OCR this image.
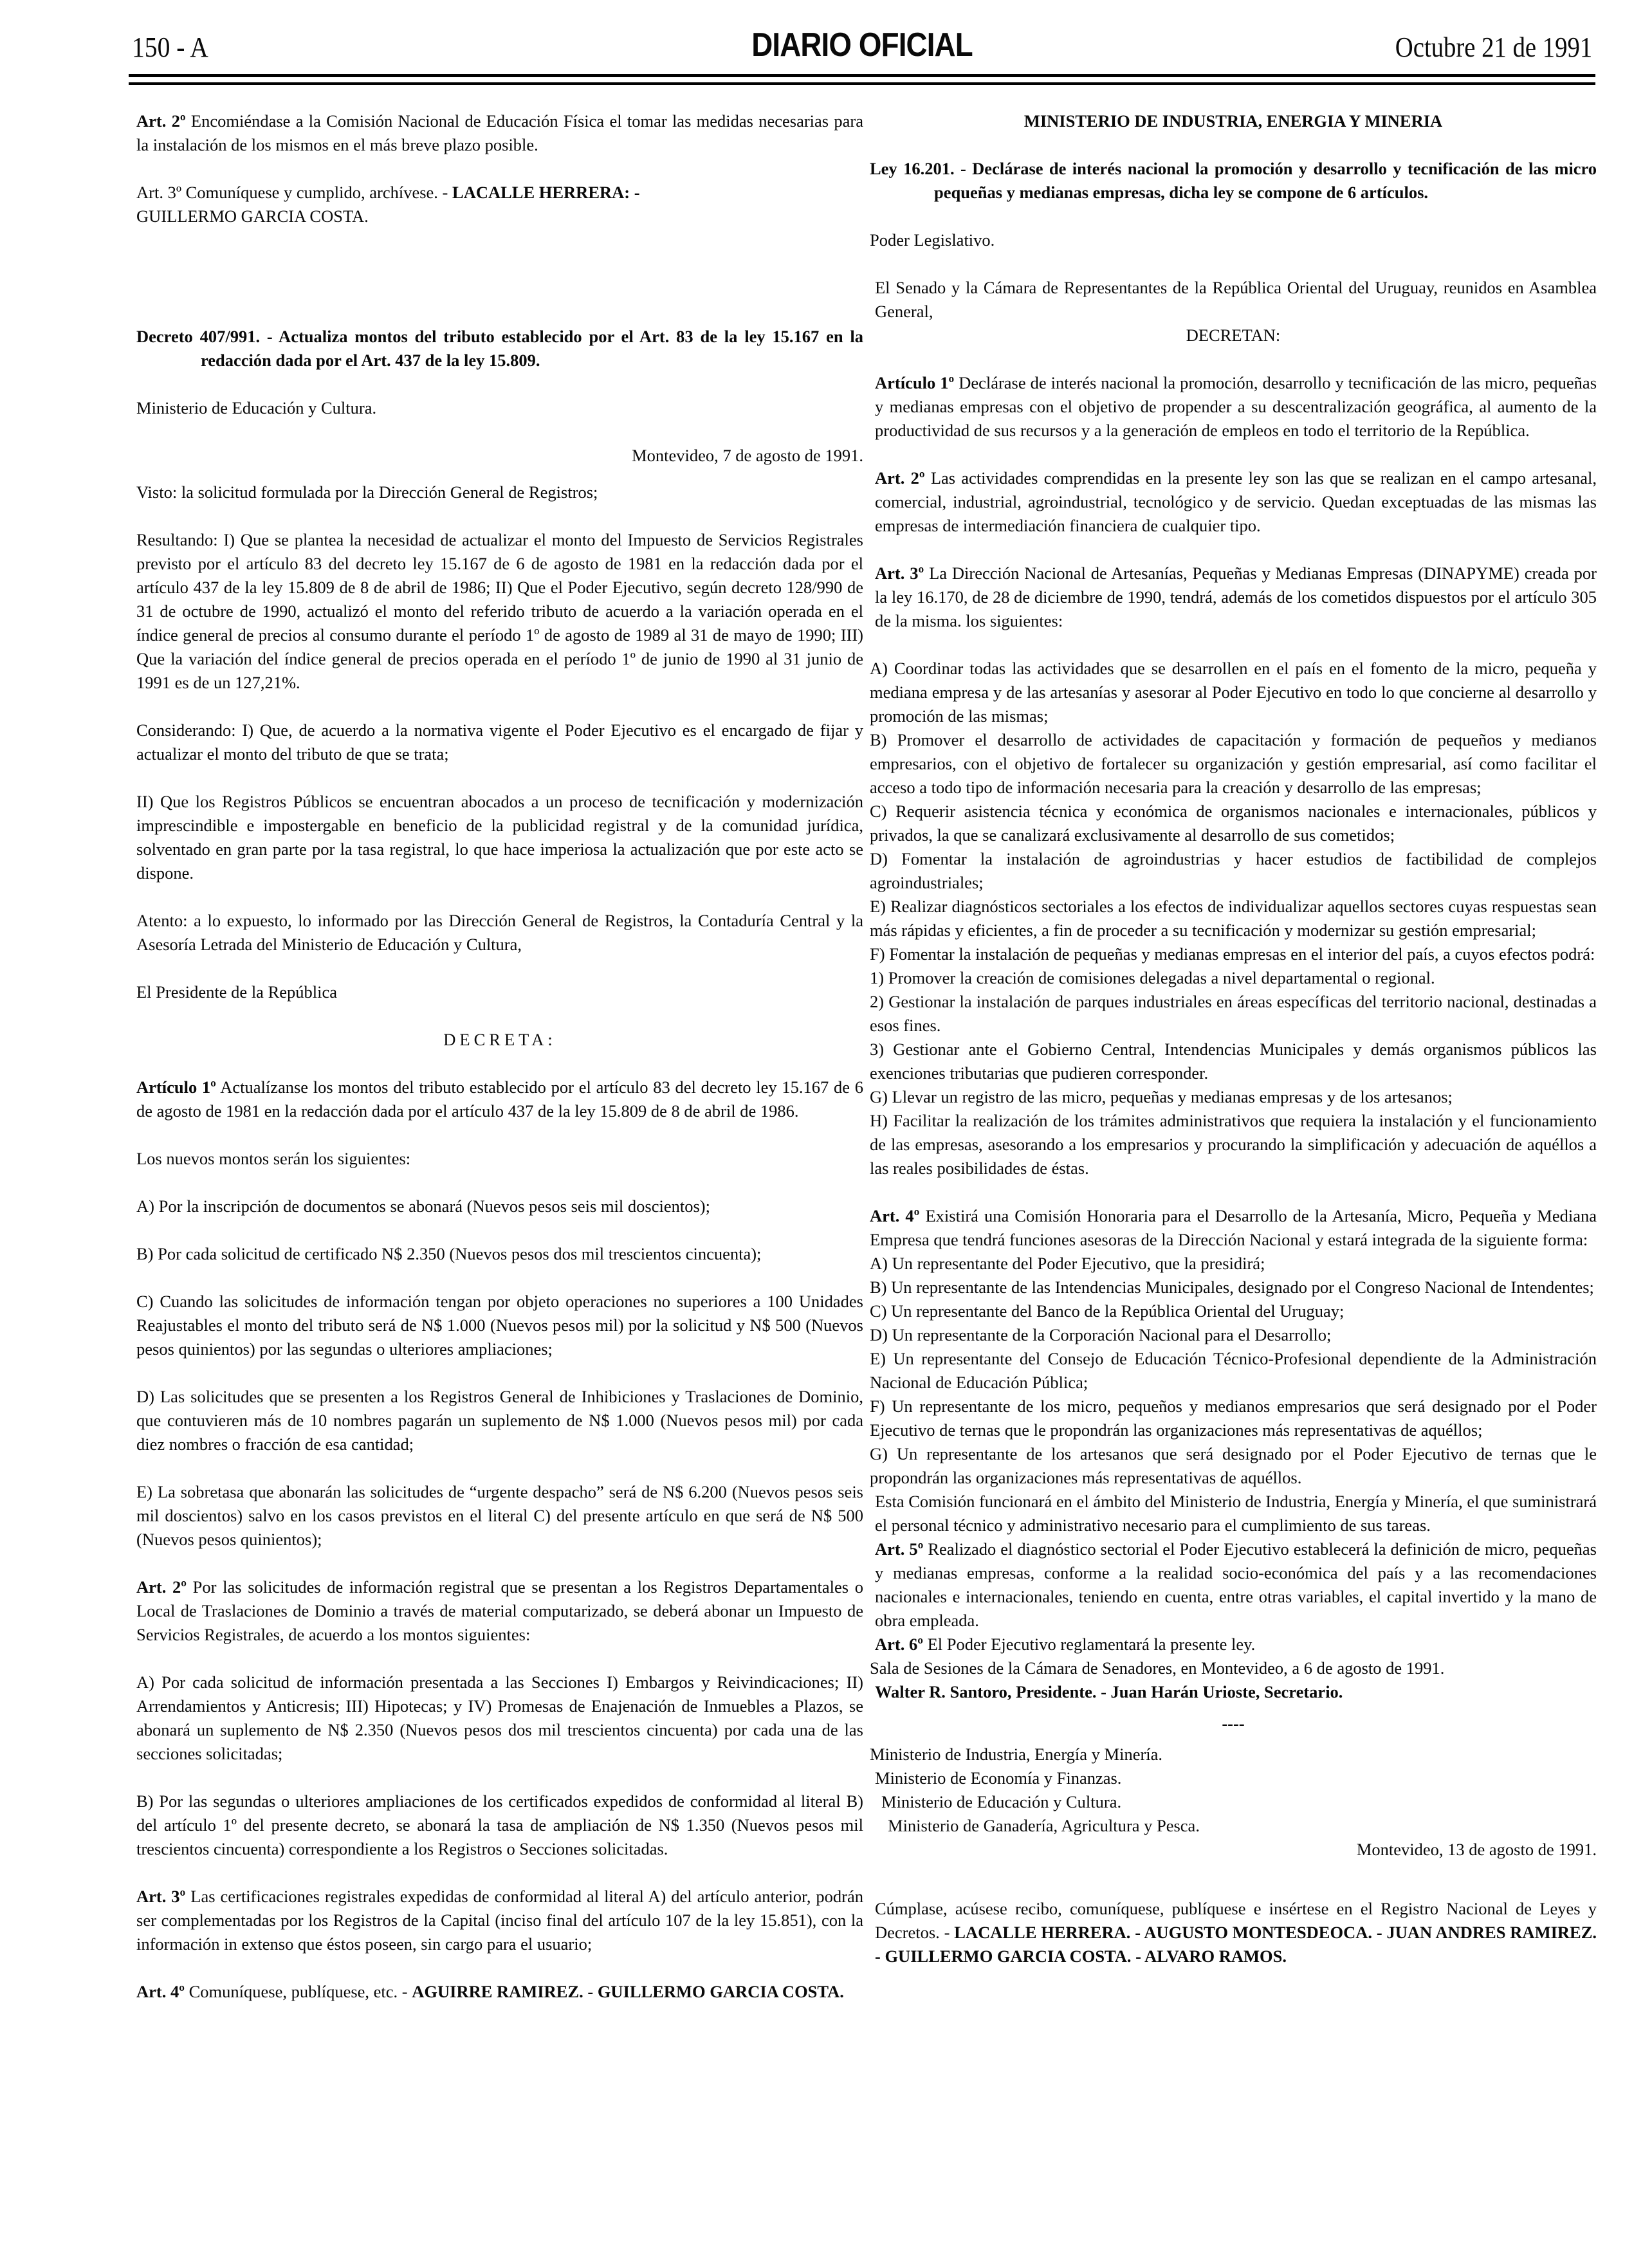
150 - A	DIARIO OFICIAL	Octubre 21 de 1991

Art. 2º Encomiéndase a la Comisión Nacional de Educación Física el tomar las medidas necesarias para la instalación de los mismos en el más breve plazo posible.

Art. 3º Comuníquese y cumplido, archívese. - LACALLE HERRERA: -
GUILLERMO GARCIA COSTA.

Decreto 407/991. - Actualiza montos del tributo establecido por el Art. 83 de la ley 15.167 en la redacción dada por el Art. 437 de la ley 15.809.

Ministerio de Educación y Cultura.

Montevideo, 7 de agosto de 1991.

Visto: la solicitud formulada por la Dirección General de Registros;

Resultando: I) Que se plantea la necesidad de actualizar el monto del Impuesto de Servicios Registrales previsto por el artículo 83 del decreto ley 15.167 de 6 de agosto de 1981 en la redacción dada por el artículo 437 de la ley 15.809 de 8 de abril de 1986; II) Que el Poder Ejecutivo, según decreto 128/990 de 31 de octubre de 1990, actualizó el monto del referido tributo de acuerdo a la variación operada en el índice general de precios al consumo durante el período 1º de agosto de 1989 al 31 de mayo de 1990; III) Que la variación del índice general de precios operada en el período 1º de junio de 1990 al 31 junio de 1991 es de un 127,21%.

Considerando: I) Que, de acuerdo a la normativa vigente el Poder Ejecutivo es el encargado de fijar y actualizar el monto del tributo de que se trata;

II) Que los Registros Públicos se encuentran abocados a un proceso de tecnificación y modernización imprescindible e impostergable en beneficio de la publicidad registral y de la comunidad jurídica, solventado en gran parte por la tasa registral, lo que hace imperiosa la actualización que por este acto se dispone.

Atento: a lo expuesto, lo informado por las Dirección General de Registros, la Contaduría Central y la Asesoría Letrada del Ministerio de Educación y Cultura,

El Presidente de la República

DECRETA:

Artículo 1º Actualízanse los montos del tributo establecido por el artículo 83 del decreto ley 15.167 de 6 de agosto de 1981 en la redacción dada por el artículo 437 de la ley 15.809 de 8 de abril de 1986.

Los nuevos montos serán los siguientes:

A) Por la inscripción de documentos se abonará (Nuevos pesos seis mil doscientos);

B) Por cada solicitud de certificado N$ 2.350 (Nuevos pesos dos mil trescientos cincuenta);

C) Cuando las solicitudes de información tengan por objeto operaciones no superiores a 100 Unidades Reajustables el monto del tributo será de N$ 1.000 (Nuevos pesos mil) por la solicitud y N$ 500 (Nuevos pesos quinientos) por las segundas o ulteriores ampliaciones;

D) Las solicitudes que se presenten a los Registros General de Inhibiciones y Traslaciones de Dominio, que contuvieren más de 10 nombres pagarán un suplemento de N$ 1.000 (Nuevos pesos mil) por cada diez nombres o fracción de esa cantidad;

E) La sobretasa que abonarán las solicitudes de “urgente despacho” será de N$ 6.200 (Nuevos pesos seis mil doscientos) salvo en los casos previstos en el literal C) del presente artículo en que será de N$ 500 (Nuevos pesos quinientos);

Art. 2º Por las solicitudes de información registral que se presentan a los Registros Departamentales o Local de Traslaciones de Dominio a través de material computarizado, se deberá abonar un Impuesto de Servicios Registrales, de acuerdo a los montos siguientes:

A) Por cada solicitud de información presentada a las Secciones I) Embargos y Reivindicaciones; II) Arrendamientos y Anticresis; III) Hipotecas; y IV) Promesas de Enajenación de Inmuebles a Plazos, se abonará un suplemento de N$ 2.350 (Nuevos pesos dos mil trescientos cincuenta) por cada una de las secciones solicitadas;

B) Por las segundas o ulteriores ampliaciones de los certificados expedidos de conformidad al literal B) del artículo 1º del presente decreto, se abonará la tasa de ampliación de N$ 1.350 (Nuevos pesos mil trescientos cincuenta) correspondiente a los Registros o Secciones solicitadas.

Art. 3º Las certificaciones registrales expedidas de conformidad al literal A) del artículo anterior, podrán ser complementadas por los Registros de la Capital (inciso final del artículo 107 de la ley 15.851), con la información in extenso que éstos poseen, sin cargo para el usuario;

Art. 4º Comuníquese, publíquese, etc. - AGUIRRE RAMIREZ. - GUILLERMO GARCIA COSTA.

MINISTERIO DE INDUSTRIA, ENERGIA Y MINERIA

Ley 16.201. - Declárase de interés nacional la promoción y desarrollo y tecnificación de las micro pequeñas y medianas empresas, dicha ley se compone de 6 artículos.

Poder Legislativo.

El Senado y la Cámara de Representantes de la República Oriental del Uruguay, reunidos en Asamblea General,

DECRETAN:

Artículo 1º Declárase de interés nacional la promoción, desarrollo y tecnificación de las micro, pequeñas y medianas empresas con el objetivo de propender a su descentralización geográfica, al aumento de la productividad de sus recursos y a la generación de empleos en todo el territorio de la República.

Art. 2º Las actividades comprendidas en la presente ley son las que se realizan en el campo artesanal, comercial, industrial, agroindustrial, tecnológico y de servicio. Quedan exceptuadas de las mismas las empresas de intermediación financiera de cualquier tipo.

Art. 3º La Dirección Nacional de Artesanías, Pequeñas y Medianas Empresas (DINAPYME) creada por la ley 16.170, de 28 de diciembre de 1990, tendrá, además de los cometidos dispuestos por el artículo 305 de la misma. los siguientes:

A) Coordinar todas las actividades que se desarrollen en el país en el fomento de la micro, pequeña y mediana empresa y de las artesanías y asesorar al Poder Ejecutivo en todo lo que concierne al desarrollo y promoción de las mismas;

B) Promover el desarrollo de actividades de capacitación y formación de pequeños y medianos empresarios, con el objetivo de fortalecer su organización y gestión empresarial, así como facilitar el acceso a todo tipo de información necesaria para la creación y desarrollo de las empresas;

C) Requerir asistencia técnica y económica de organismos nacionales e internacionales, públicos y privados, la que se canalizará exclusivamente al desarrollo de sus cometidos;

D) Fomentar la instalación de agroindustrias y hacer estudios de factibilidad de complejos agroindustriales;

E) Realizar diagnósticos sectoriales a los efectos de individualizar aquellos sectores cuyas respuestas sean más rápidas y eficientes, a fin de proceder a su tecnificación y modernizar su gestión empresarial;

F) Fomentar la instalación de pequeñas y medianas empresas en el interior del país, a cuyos efectos podrá:

1) Promover la creación de comisiones delegadas a nivel departamental o regional.

2) Gestionar la instalación de parques industriales en áreas específicas del territorio nacional, destinadas a esos fines.

3) Gestionar ante el Gobierno Central, Intendencias Municipales y demás organismos públicos las exenciones tributarias que pudieren corresponder.

G) Llevar un registro de las micro, pequeñas y medianas empresas y de los artesanos;

H) Facilitar la realización de los trámites administrativos que requiera la instalación y el funcionamiento de las empresas, asesorando a los empresarios y procurando la simplificación y adecuación de aquéllos a las reales posibilidades de éstas.

Art. 4º Existirá una Comisión Honoraria para el Desarrollo de la Artesanía, Micro, Pequeña y Mediana Empresa que tendrá funciones asesoras de la Dirección Nacional y estará integrada de la siguiente forma:

A) Un representante del Poder Ejecutivo, que la presidirá;

B) Un representante de las Intendencias Municipales, designado por el Congreso Nacional de Intendentes;

C) Un representante del Banco de la República Oriental del Uruguay;

D) Un representante de la Corporación Nacional para el Desarrollo;

E) Un representante del Consejo de Educación Técnico-Profesional dependiente de la Administración Nacional de Educación Pública;

F) Un representante de los micro, pequeños y medianos empresarios que será designado por el Poder Ejecutivo de ternas que le propondrán las organizaciones más representativas de aquéllos;

G) Un representante de los artesanos que será designado por el Poder Ejecutivo de ternas que le propondrán las organizaciones más representativas de aquéllos.

Esta Comisión funcionará en el ámbito del Ministerio de Industria, Energía y Minería, el que suministrará el personal técnico y administrativo necesario para el cumplimiento de sus tareas.

Art. 5º Realizado el diagnóstico sectorial el Poder Ejecutivo establecerá la definición de micro, pequeñas y medianas empresas, conforme a la realidad socio-económica del país y a las recomendaciones nacionales e internacionales, teniendo en cuenta, entre otras variables, el capital invertido y la mano de obra empleada.

Art. 6º El Poder Ejecutivo reglamentará la presente ley.

Sala de Sesiones de la Cámara de Senadores, en Montevideo, a 6 de agosto de 1991.

Walter R. Santoro, Presidente. - Juan Harán Urioste, Secretario.

----

Ministerio de Industria, Energía y Minería.

Ministerio de Economía y Finanzas.

Ministerio de Educación y Cultura.

Ministerio de Ganadería, Agricultura y Pesca.

Montevideo, 13 de agosto de 1991.

Cúmplase, acúsese recibo, comuníquese, publíquese e insértese en el Registro Nacional de Leyes y Decretos. - LACALLE HERRERA. - AUGUSTO MONTESDEOCA. - JUAN ANDRES RAMIREZ. - GUILLERMO GARCIA COSTA. - ALVARO RAMOS.
